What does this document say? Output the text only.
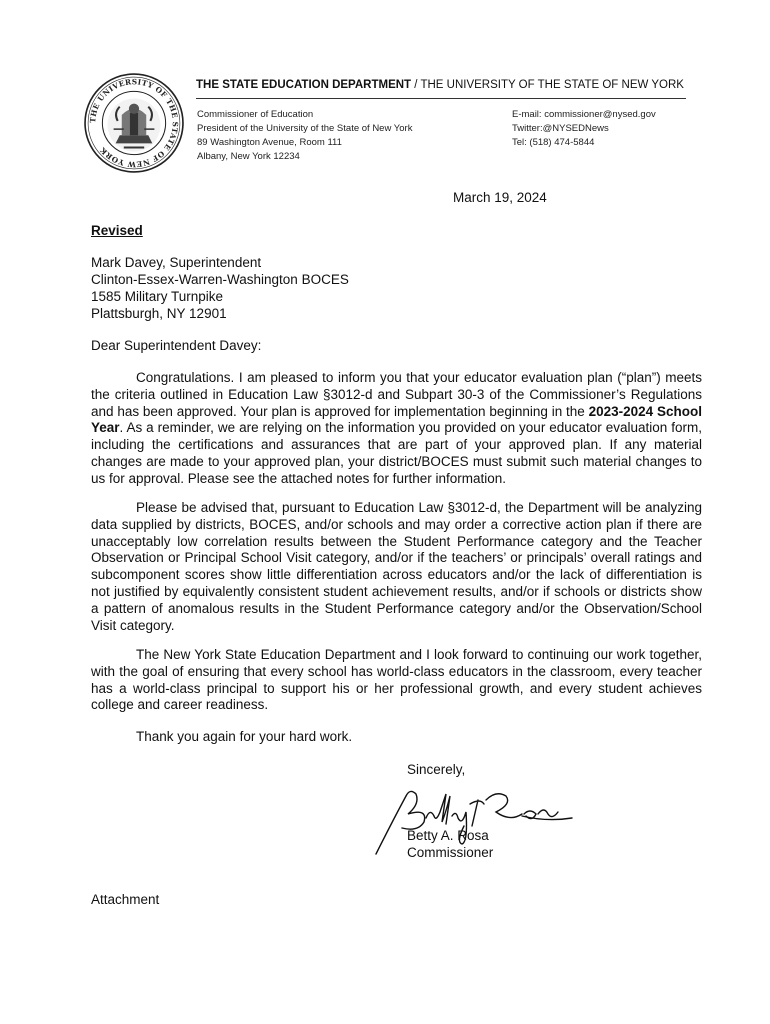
THE UNIVERSITY OF THE STATE OF NEW YORK
THE STATE EDUCATION DEPARTMENT / THE UNIVERSITY OF THE STATE OF NEW YORK
Commissioner of Education
President of the University of the State of New York
89 Washington Avenue, Room 111
Albany, New York 12234
E-mail: commissioner@nysed.gov
Twitter:@NYSEDNews
Tel: (518) 474-5844
March 19, 2024
Revised
Mark Davey, Superintendent
Clinton-Essex-Warren-Washington BOCES
1585 Military Turnpike
Plattsburgh, NY 12901
Dear Superintendent Davey:

Congratulations. I am pleased to inform you that your educator evaluation plan (“plan”) meets the criteria outlined in Education Law §3012-d and Subpart 30-3 of the Commissioner’s Regulations and has been approved. Your plan is approved for implementation beginning in the 2023-2024 School Year. As a reminder, we are relying on the information you provided on your educator evaluation form, including the certifications and assurances that are part of your approved plan. If any material changes are made to your approved plan, your district/BOCES must submit such material changes to us for approval. Please see the attached notes for further information.

Please be advised that, pursuant to Education Law §3012-d, the Department will be analyzing data supplied by districts, BOCES, and/or schools and may order a corrective action plan if there are unacceptably low correlation results between the Student Performance category and the Teacher Observation or Principal School Visit category, and/or if the teachers’ or principals’ overall ratings and subcomponent scores show little differentiation across educators and/or the lack of differentiation is not justified by equivalently consistent student achievement results, and/or if schools or districts show a pattern of anomalous results in the Student Performance category and/or the Observation/School Visit category.

The New York State Education Department and I look forward to continuing our work together, with the goal of ensuring that every school has world-class educators in the classroom, every teacher has a world-class principal to support his or her professional growth, and every student achieves college and career readiness.

Thank you again for your hard work.

Sincerely,
Betty A. Rosa
Commissioner
Attachment
